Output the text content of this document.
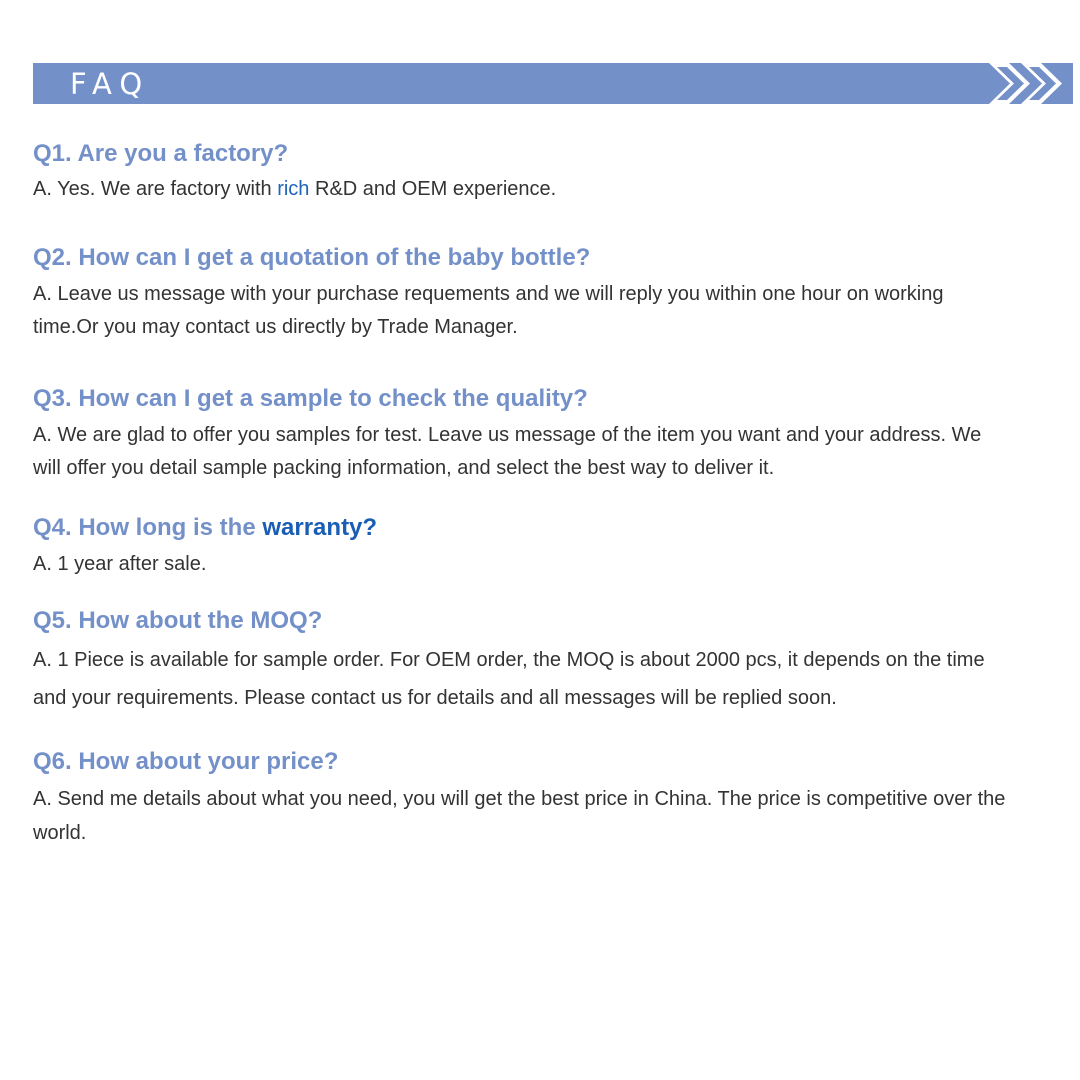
FAQ
Q1. Are you a factory?
A. Yes. We are factory with rich R&D and OEM experience.
Q2. How can I get a quotation of the baby bottle?
A. Leave us message with your purchase requements and we will reply you within one hour on working
time.Or you may contact us directly by Trade Manager.
Q3. How can I get a sample to check the quality?
A. We are glad to offer you samples for test. Leave us message of the item you want and your address. We
will offer you detail sample packing information, and select the best way to deliver it.
Q4. How long is the warranty?
A. 1 year after sale.
Q5. How about the MOQ?
A. 1 Piece is available for sample order. For OEM order, the MOQ is about 2000 pcs, it depends on the time
and your requirements. Please contact us for details and all messages will be replied soon.
Q6. How about your price?
A. Send me details about what you need, you will get the best price in China. The price is competitive over the
world.
